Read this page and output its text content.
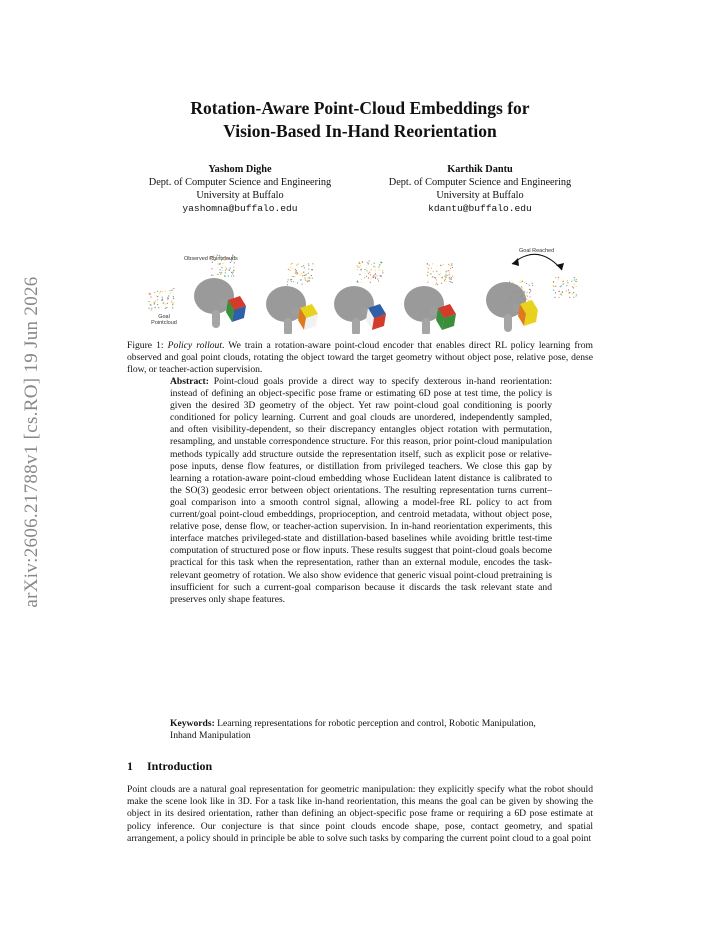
arXiv:2606.21788v1 [cs.RO] 19 Jun 2026
Rotation-Aware Point-Cloud Embeddings for
Vision-Based In-Hand Reorientation
Yashom Dighe
Dept. of Computer Science and Engineering
University at Buffalo
yashomna@buffalo.edu
Karthik Dantu
Dept. of Computer Science and Engineering
University at Buffalo
kdantu@buffalo.edu
Observed Pointclouds
Goal
Pointcloud
Goal Reached
Figure 1: Policy rollout. We train a rotation-aware point-cloud encoder that enables direct RL policy learning from observed and goal point clouds, rotating the object toward the target geometry without object pose, relative pose, dense flow, or teacher-action supervision.
Abstract: Point-cloud goals provide a direct way to specify dexterous in-hand reorientation: instead of defining an object-specific pose frame or estimating 6D pose at test time, the policy is given the desired 3D geometry of the object. Yet raw point-cloud goal conditioning is poorly conditioned for policy learning. Current and goal clouds are unordered, independently sampled, and often visibility-dependent, so their discrepancy entangles object rotation with permutation, resampling, and unstable correspondence structure. For this reason, prior point-cloud manipulation methods typically add structure outside the representation itself, such as explicit pose or relative-pose inputs, dense flow features, or distillation from privileged teachers. We close this gap by learning a rotation-aware point-cloud embedding whose Euclidean latent distance is calibrated to the SO(3) geodesic error between object orientations. The resulting representation turns current–goal comparison into a smooth control signal, allowing a model-free RL policy to act from current/goal point-cloud embeddings, proprioception, and centroid metadata, without object pose, relative pose, dense flow, or teacher-action supervision. In in-hand reorientation experiments, this interface matches privileged-state and distillation-based baselines while avoiding brittle test-time computation of structured pose or flow inputs. These results suggest that point-cloud goals become practical for this task when the representation, rather than an external module, encodes the task-relevant geometry of rotation. We also show evidence that generic visual point-cloud pretraining is insufficient for such a current-goal comparison because it discards the task relevant state and preserves only shape features.
Keywords: Learning representations for robotic perception and control, Robotic Manipulation, Inhand Manipulation
1 Introduction
Point clouds are a natural goal representation for geometric manipulation: they explicitly specify what the robot should make the scene look like in 3D. For a task like in-hand reorientation, this means the goal can be given by showing the object in its desired orientation, rather than defining an object-specific pose frame or requiring a 6D pose estimate at policy inference. Our conjecture is that since point clouds encode shape, pose, contact geometry, and spatial arrangement, a policy should in principle be able to solve such tasks by comparing the current point cloud to a goal point
